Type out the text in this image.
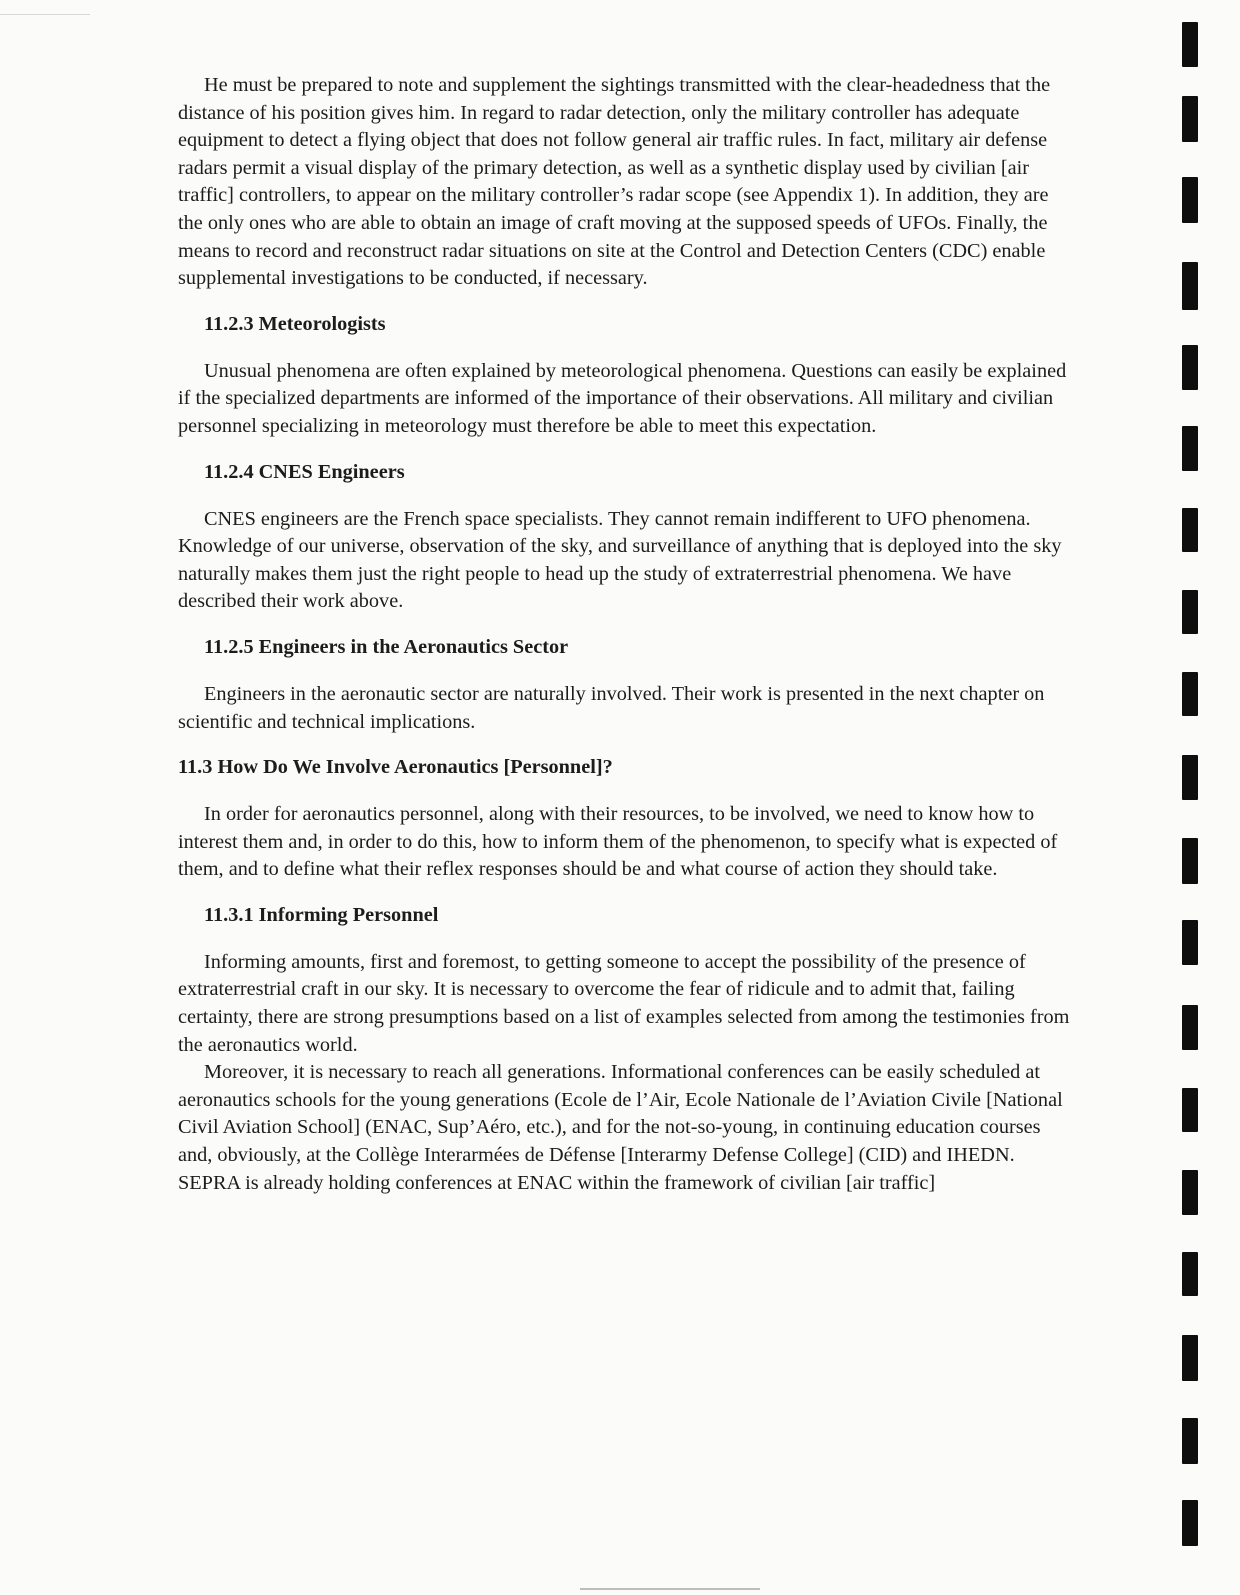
He must be prepared to note and supplement the sightings transmitted with the clear-headedness that the distance of his position gives him. In regard to radar detection, only the military controller has adequate equipment to detect a flying object that does not follow general air traffic rules. In fact, military air defense radars permit a visual display of the primary detection, as well as a synthetic display used by civilian [air traffic] controllers, to appear on the military controller’s radar scope (see Appendix 1). In addition, they are the only ones who are able to obtain an image of craft moving at the supposed speeds of UFOs. Finally, the means to record and reconstruct radar situations on site at the Control and Detection Centers (CDC) enable supplemental investigations to be conducted, if necessary.

11.2.3 Meteorologists

Unusual phenomena are often explained by meteorological phenomena. Questions can easily be explained if the specialized departments are informed of the importance of their observations. All military and civilian personnel specializing in meteorology must therefore be able to meet this expectation.

11.2.4 CNES Engineers

CNES engineers are the French space specialists. They cannot remain indifferent to UFO phenomena. Knowledge of our universe, observation of the sky, and surveillance of anything that is deployed into the sky naturally makes them just the right people to head up the study of extraterrestrial phenomena. We have described their work above.

11.2.5 Engineers in the Aeronautics Sector

Engineers in the aeronautic sector are naturally involved. Their work is presented in the next chapter on scientific and technical implications.

11.3 How Do We Involve Aeronautics [Personnel]?

In order for aeronautics personnel, along with their resources, to be involved, we need to know how to interest them and, in order to do this, how to inform them of the phenomenon, to specify what is expected of them, and to define what their reflex responses should be and what course of action they should take.

11.3.1 Informing Personnel

Informing amounts, first and foremost, to getting someone to accept the possibility of the presence of extraterrestrial craft in our sky. It is necessary to overcome the fear of ridicule and to admit that, failing certainty, there are strong presumptions based on a list of examples selected from among the testimonies from the aeronautics world.

Moreover, it is necessary to reach all generations. Informational conferences can be easily scheduled at aeronautics schools for the young generations (Ecole de l’Air, Ecole Nationale de l’Aviation Civile [National Civil Aviation School] (ENAC, Sup’Aéro, etc.), and for the not-so-young, in continuing education courses and, obviously, at the Collège Interarmées de Défense [Interarmy Defense College] (CID) and IHEDN. SEPRA is already holding conferences at ENAC within the framework of civilian [air traffic]
